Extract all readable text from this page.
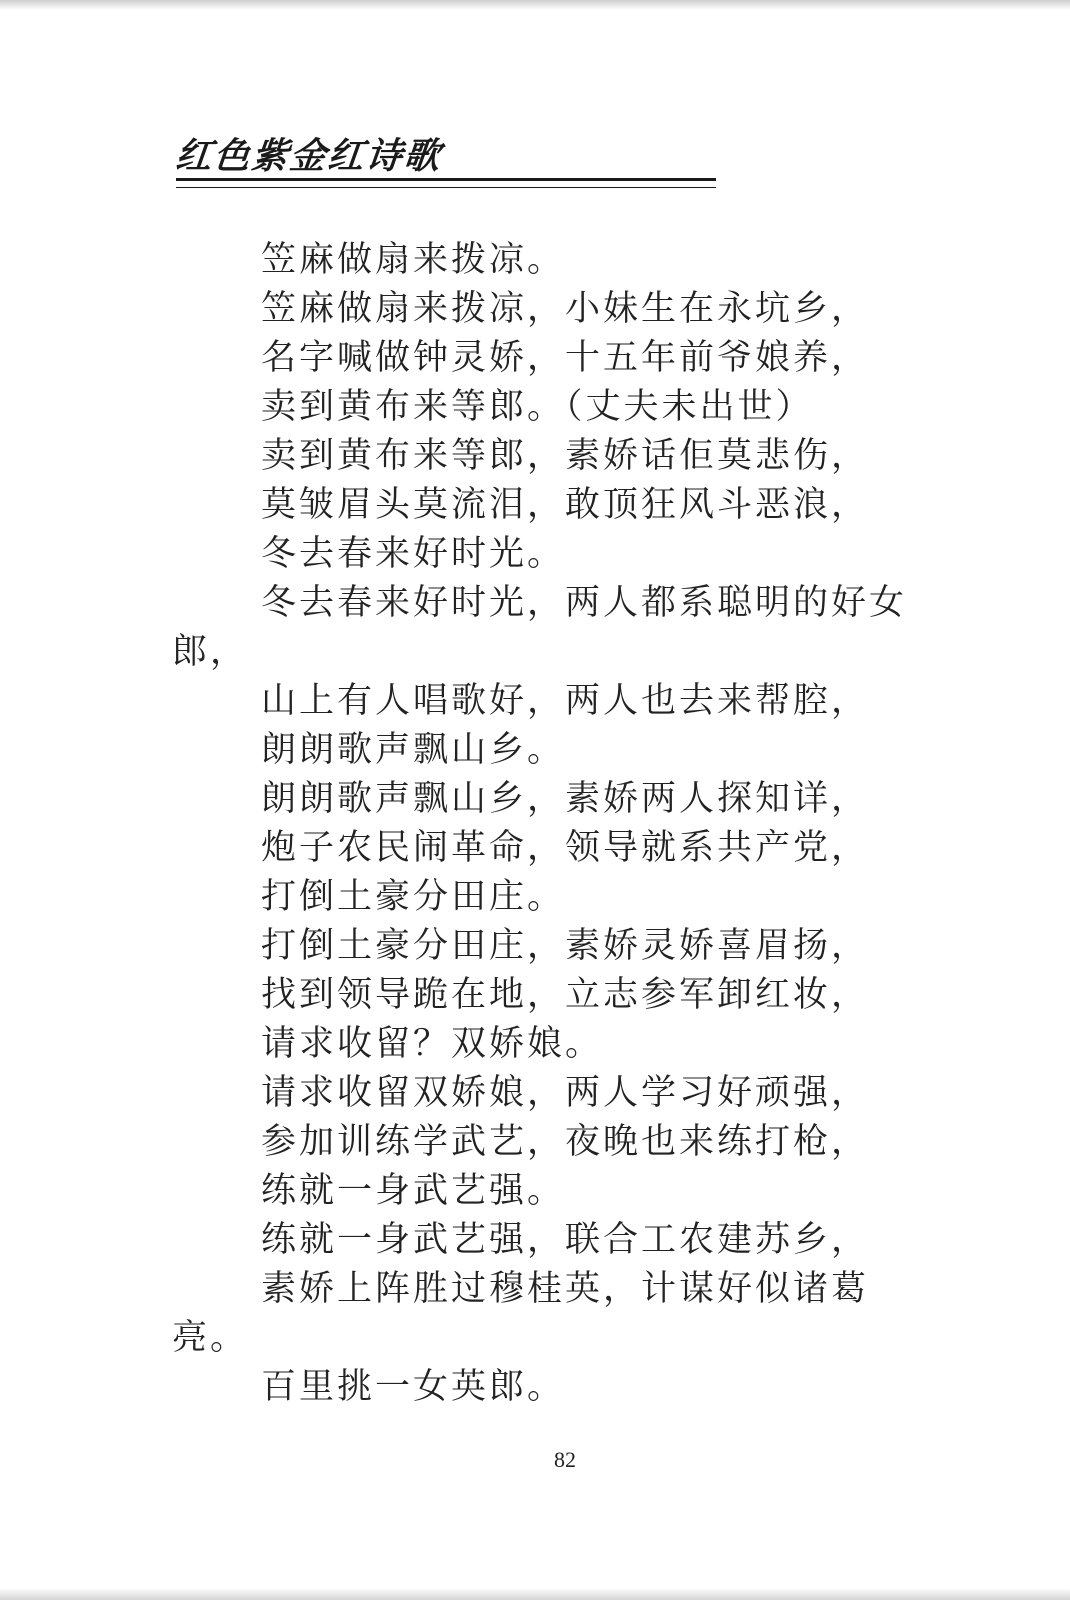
红色紫金红诗歌
笠麻做扇来拨凉。
笠麻做扇来拨凉，小妹生在永坑乡，
名字喊做钟灵娇，十五年前爷娘养，
卖到黄布来等郎。（丈夫未出世）
卖到黄布来等郎，素娇话佢莫悲伤，
莫皱眉头莫流泪，敢顶狂风斗恶浪，
冬去春来好时光。
冬去春来好时光，两人都系聪明的好女
郎，
山上有人唱歌好，两人也去来帮腔，
朗朗歌声飘山乡。
朗朗歌声飘山乡，素娇两人探知详，
炮子农民闹革命，领导就系共产党，
打倒土豪分田庄。
打倒土豪分田庄，素娇灵娇喜眉扬，
找到领导跪在地，立志参军卸红妆，
请求收留？双娇娘。
请求收留双娇娘，两人学习好顽强，
参加训练学武艺，夜晚也来练打枪，
练就一身武艺强。
练就一身武艺强，联合工农建苏乡，
素娇上阵胜过穆桂英，计谋好似诸葛
亮。
百里挑一女英郎。
82
